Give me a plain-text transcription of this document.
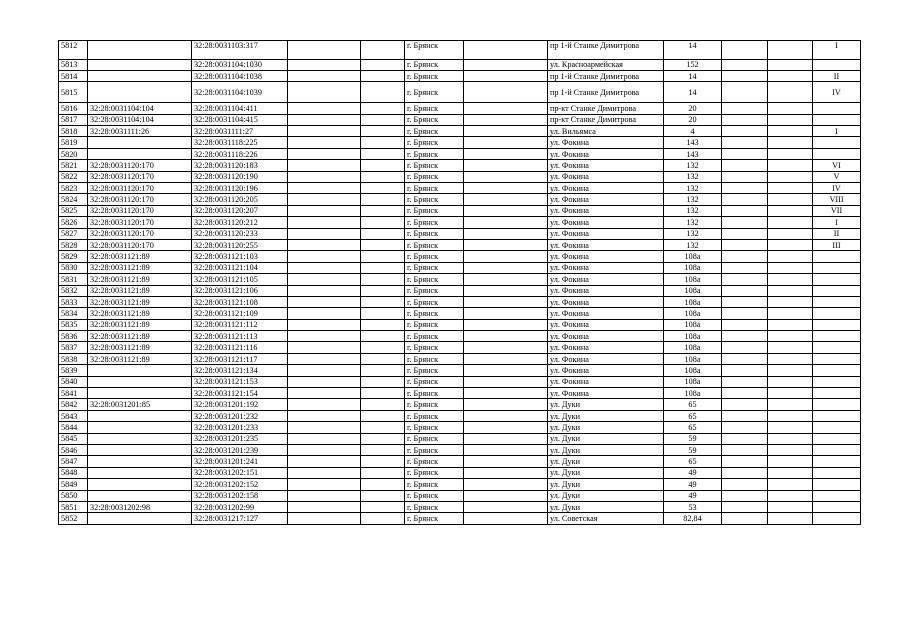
5812		32:28:0031103:317			г. Брянск		пр 1-й Станке Димитрова	14			I
5813		32:28:0031104:1030			г. Брянск		ул. Красноармейская	152			
5814		32:28:0031104:1038			г. Брянск		пр 1-й Станке Димитрова	14			II
5815		32:28:0031104:1039			г. Брянск		пр 1-й Станке Димитрова	14			IV
5816	32:28:0031104:104	32:28:0031104:411			г. Брянск		пр-кт Станке Димитрова	20			
5817	32:28:0031104:104	32:28:0031104:415			г. Брянск		пр-кт Станке Димитрова	20			
5818	32:28:0031111:26	32:28:0031111:27			г. Брянск		ул. Вильямса	4			I
5819		32:28:0031118:225			г. Брянск		ул. Фокина	143			
5820		32:28:0031118:226			г. Брянск		ул. Фокина	143			
5821	32:28:0031120:170	32:28:0031120:183			г. Брянск		ул. Фокина	132			VI
5822	32:28:0031120:170	32:28:0031120:190			г. Брянск		ул. Фокина	132			V
5823	32:28:0031120:170	32:28:0031120:196			г. Брянск		ул. Фокина	132			IV
5824	32:28:0031120:170	32:28:0031120:205			г. Брянск		ул. Фокина	132			VIII
5825	32:28:0031120:170	32:28:0031120:207			г. Брянск		ул. Фокина	132			VII
5826	32:28:0031120:170	32:28:0031120:212			г. Брянск		ул. Фокина	132			I
5827	32:28:0031120:170	32:28:0031120:233			г. Брянск		ул. Фокина	132			II
5828	32:28:0031120:170	32:28:0031120:255			г. Брянск		ул. Фокина	132			III
5829	32:28:0031121:89	32:28:0031121:103			г. Брянск		ул. Фокина	108а			
5830	32:28:0031121:89	32:28:0031121:104			г. Брянск		ул. Фокина	108а			
5831	32:28:0031121:89	32:28:0031121:105			г. Брянск		ул. Фокина	108а			
5832	32:28:0031121:89	32:28:0031121:106			г. Брянск		ул. Фокина	108а			
5833	32:28:0031121:89	32:28:0031121:108			г. Брянск		ул. Фокина	108а			
5834	32:28:0031121:89	32:28:0031121:109			г. Брянск		ул. Фокина	108а			
5835	32:28:0031121:89	32:28:0031121:112			г. Брянск		ул. Фокина	108а			
5836	32:28:0031121:89	32:28:0031121:113			г. Брянск		ул. Фокина	108а			
5837	32:28:0031121:89	32:28:0031121:116			г. Брянск		ул. Фокина	108а			
5838	32:28:0031121:89	32:28:0031121:117			г. Брянск		ул. Фокина	108а			
5839		32:28:0031121:134			г. Брянск		ул. Фокина	108а			
5840		32:28:0031121:153			г. Брянск		ул. Фокина	108а			
5841		32:28:0031121:154			г. Брянск		ул. Фокина	108а			
5842	32:28:0031201:85	32:28:0031201:192			г. Брянск		ул. Дуки	65			
5843		32:28:0031201:232			г. Брянск		ул. Дуки	65			
5844		32:28:0031201:233			г. Брянск		ул. Дуки	65			
5845		32:28:0031201:235			г. Брянск		ул. Дуки	59			
5846		32:28:0031201:239			г. Брянск		ул. Дуки	59			
5847		32:28:0031201:241			г. Брянск		ул. Дуки	65			
5848		32:28:0031202:151			г. Брянск		ул. Дуки	49			
5849		32:28:0031202:152			г. Брянск		ул. Дуки	49			
5850		32:28:0031202:158			г. Брянск		ул. Дуки	49			
5851	32:28:0031202:98	32:28:0031202:99			г. Брянск		ул. Дуки	53			
5852		32:28:0031217:127			г. Брянск		ул. Советская	82,84			
